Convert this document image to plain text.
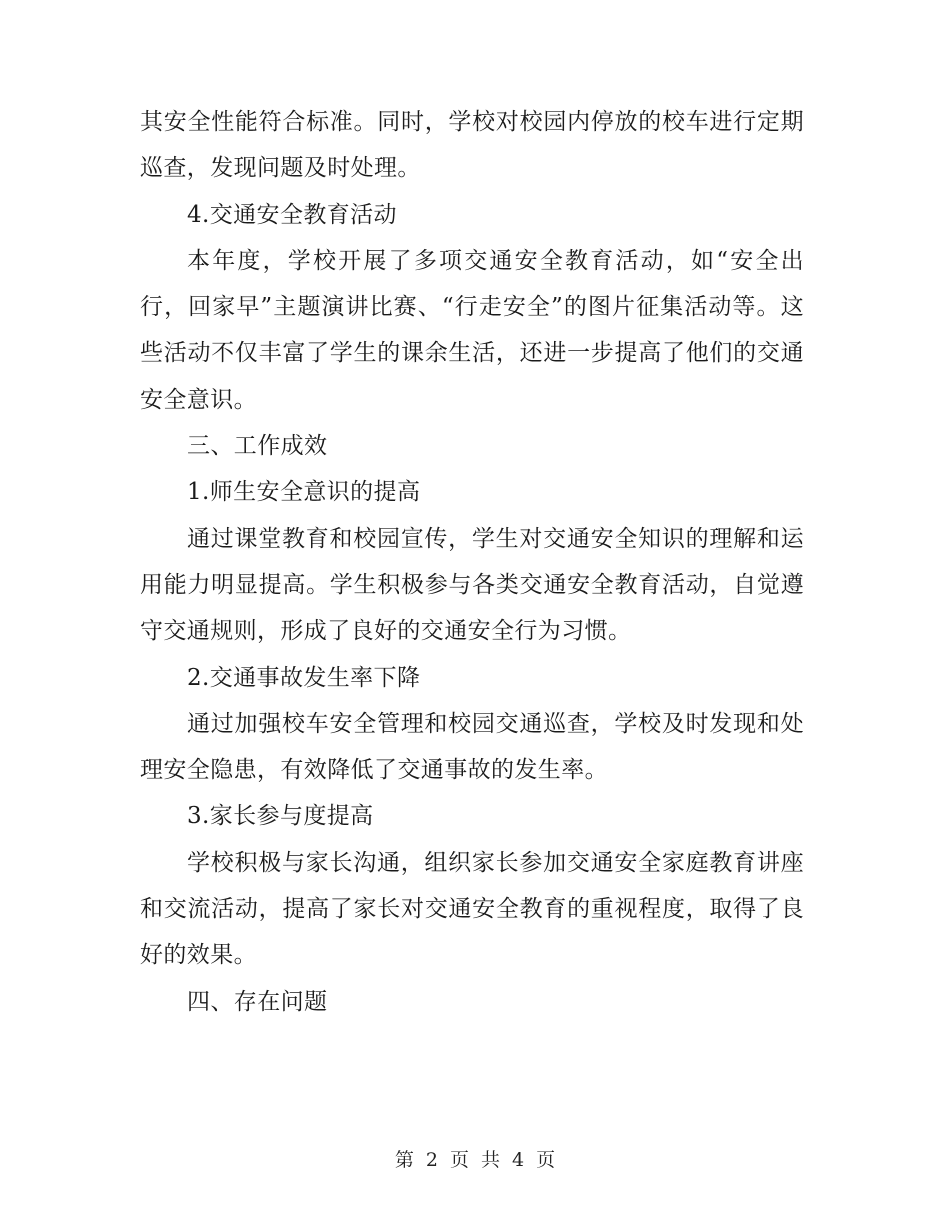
其安全性能符合标准。同时，学校对校园内停放的校车进行定期巡查，发现问题及时处理。

4.交通安全教育活动

本年度，学校开展了多项交通安全教育活动，如“安全出行，回家早”主题演讲比赛、“行走安全”的图片征集活动等。这些活动不仅丰富了学生的课余生活，还进一步提高了他们的交通安全意识。

三、工作成效

1.师生安全意识的提高

通过课堂教育和校园宣传，学生对交通安全知识的理解和运用能力明显提高。学生积极参与各类交通安全教育活动，自觉遵守交通规则，形成了良好的交通安全行为习惯。

2.交通事故发生率下降

通过加强校车安全管理和校园交通巡查，学校及时发现和处理安全隐患，有效降低了交通事故的发生率。

3.家长参与度提高

学校积极与家长沟通，组织家长参加交通安全家庭教育讲座和交流活动，提高了家长对交通安全教育的重视程度，取得了良好的效果。

四、存在问题

第 2 页 共 4 页
